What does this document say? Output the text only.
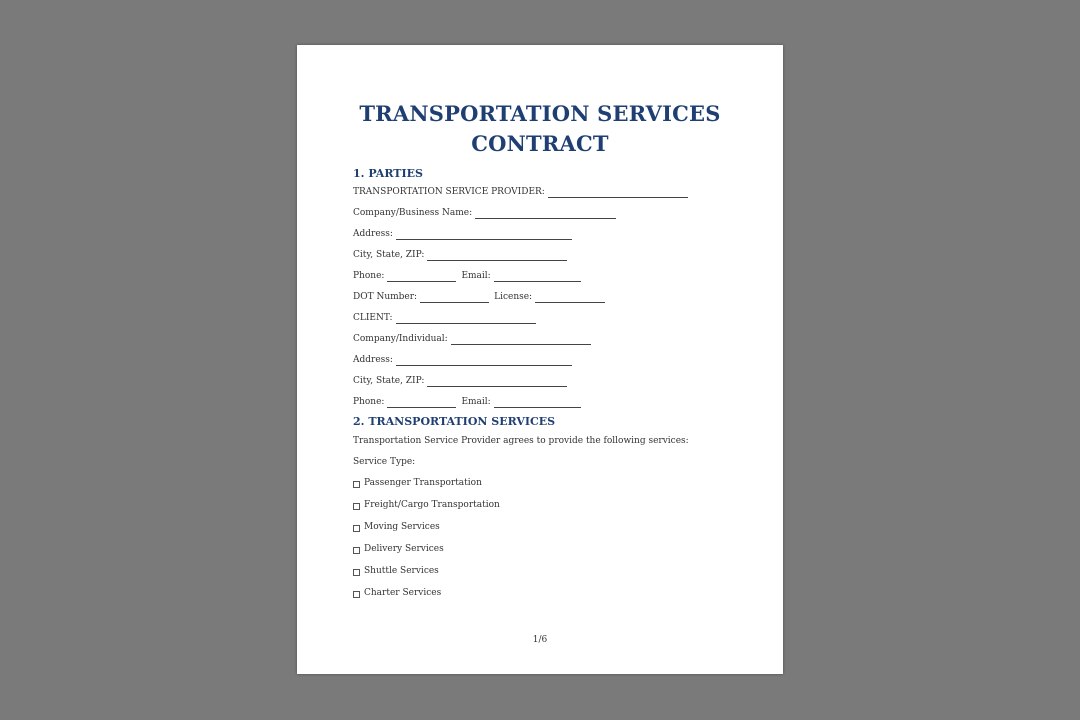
TRANSPORTATION SERVICES
CONTRACT
1. PARTIES
TRANSPORTATION SERVICE PROVIDER:
Company/Business Name:
Address:
City, State, ZIP:
Phone:	Email:
DOT Number:	License:
CLIENT:
Company/Individual:
Address:
City, State, ZIP:
Phone:	Email:
2. TRANSPORTATION SERVICES
Transportation Service Provider agrees to provide the following services:
Service Type:
Passenger Transportation
Freight/Cargo Transportation
Moving Services
Delivery Services
Shuttle Services
Charter Services
1/6
